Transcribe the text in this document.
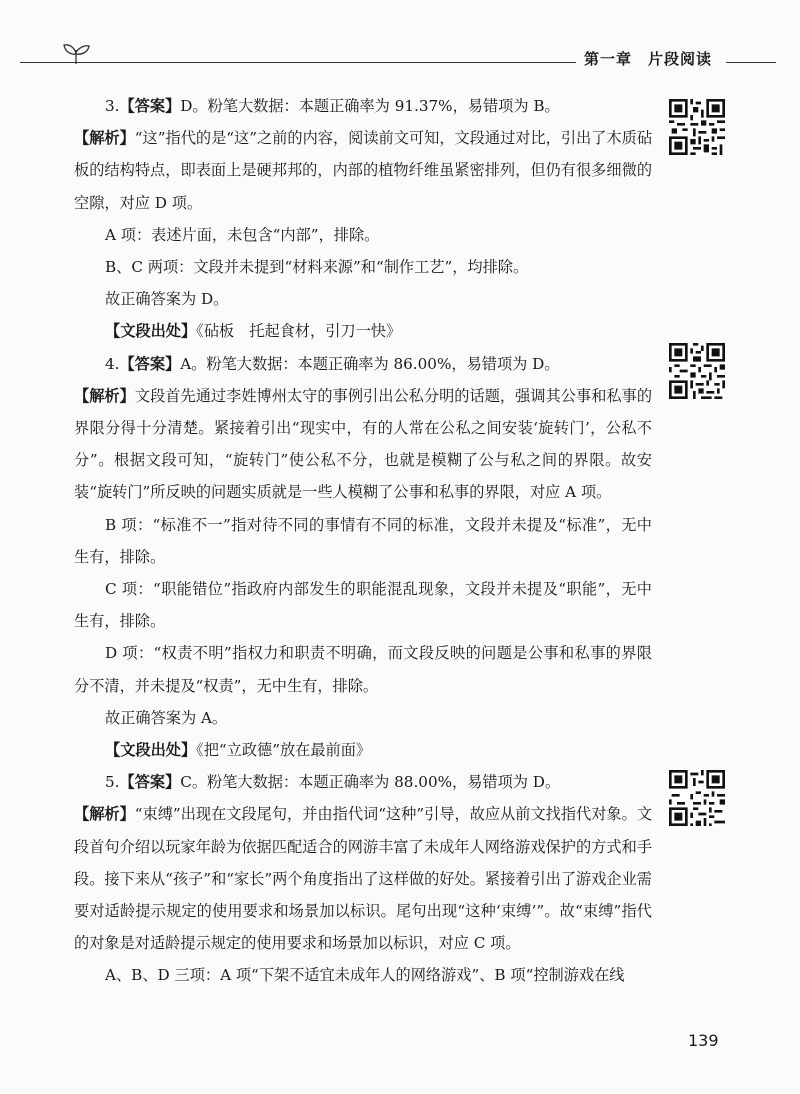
第一章　片段阅读

3.【答案】D。粉笔大数据：本题正确率为 91.37%，易错项为 B。

【解析】“这”指代的是“这”之前的内容，阅读前文可知，文段通过对比，引出了木质砧板的结构特点，即表面上是硬邦邦的，内部的植物纤维虽紧密排列，但仍有很多细微的空隙，对应 D 项。

A 项：表述片面，未包含“内部”，排除。

B、C 两项：文段并未提到“材料来源”和“制作工艺”，均排除。

故正确答案为 D。

【文段出处】《砧板　托起食材，引刀一快》

4.【答案】A。粉笔大数据：本题正确率为 86.00%，易错项为 D。

【解析】文段首先通过李姓博州太守的事例引出公私分明的话题，强调其公事和私事的界限分得十分清楚。紧接着引出“现实中，有的人常在公私之间安装‘旋转门’，公私不分”。根据文段可知，“旋转门”使公私不分，也就是模糊了公与私之间的界限。故安装“旋转门”所反映的问题实质就是一些人模糊了公事和私事的界限，对应 A 项。

B 项：“标准不一”指对待不同的事情有不同的标准，文段并未提及“标准”，无中生有，排除。

C 项：“职能错位”指政府内部发生的职能混乱现象，文段并未提及“职能”，无中生有，排除。

D 项：“权责不明”指权力和职责不明确，而文段反映的问题是公事和私事的界限分不清，并未提及“权责”，无中生有，排除。

故正确答案为 A。

【文段出处】《把“立政德”放在最前面》

5.【答案】C。粉笔大数据：本题正确率为 88.00%，易错项为 D。

【解析】“束缚”出现在文段尾句，并由指代词“这种”引导，故应从前文找指代对象。文段首句介绍以玩家年龄为依据匹配适合的网游丰富了未成年人网络游戏保护的方式和手段。接下来从“孩子”和“家长”两个角度指出了这样做的好处。紧接着引出了游戏企业需要对适龄提示规定的使用要求和场景加以标识。尾句出现“这种‘束缚’”。故“束缚”指代的对象是对适龄提示规定的使用要求和场景加以标识，对应 C 项。

A、B、D 三项：A 项“下架不适宜未成年人的网络游戏”、B 项“控制游戏在线

139
